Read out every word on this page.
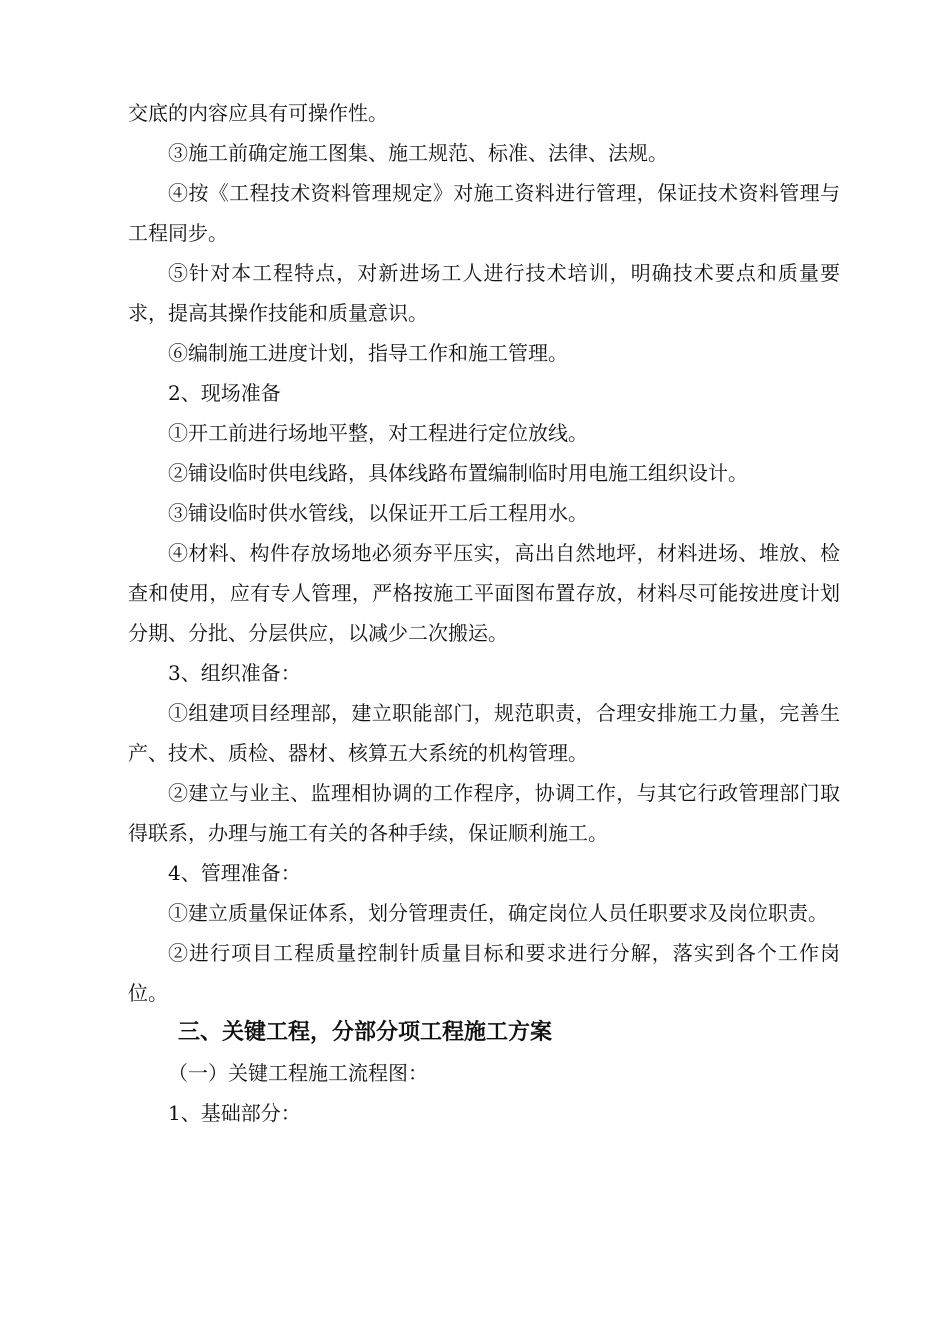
交底的内容应具有可操作性。

③施工前确定施工图集、施工规范、标准、法律、法规。

④按《工程技术资料管理规定》对施工资料进行管理，保证技术资料管理与工程同步。

⑤针对本工程特点，对新进场工人进行技术培训，明确技术要点和质量要求，提高其操作技能和质量意识。

⑥编制施工进度计划，指导工作和施工管理。

2、现场准备

①开工前进行场地平整，对工程进行定位放线。

②铺设临时供电线路，具体线路布置编制临时用电施工组织设计。

③铺设临时供水管线，以保证开工后工程用水。

④材料、构件存放场地必须夯平压实，高出自然地坪，材料进场、堆放、检查和使用，应有专人管理，严格按施工平面图布置存放，材料尽可能按进度计划分期、分批、分层供应，以减少二次搬运。

3、组织准备：

①组建项目经理部，建立职能部门，规范职责，合理安排施工力量，完善生产、技术、质检、器材、核算五大系统的机构管理。

②建立与业主、监理相协调的工作程序，协调工作，与其它行政管理部门取得联系，办理与施工有关的各种手续，保证顺利施工。

4、管理准备：

①建立质量保证体系，划分管理责任，确定岗位人员任职要求及岗位职责。

②进行项目工程质量控制针质量目标和要求进行分解，落实到各个工作岗位。

三、关键工程，分部分项工程施工方案

（一）关键工程施工流程图：

1、基础部分：
